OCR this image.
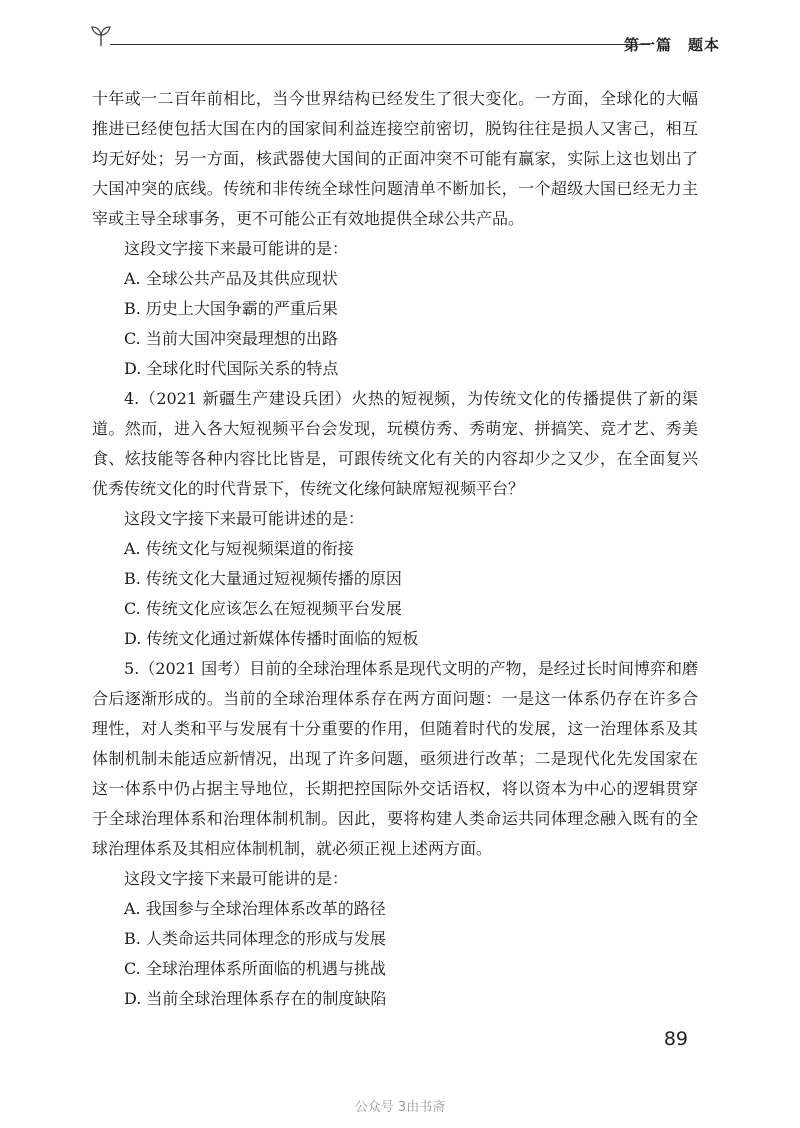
第一篇　题本

十年或一二百年前相比，当今世界结构已经发生了很大变化。一方面，全球化的大幅推进已经使包括大国在内的国家间利益连接空前密切，脱钩往往是损人又害己，相互均无好处；另一方面，核武器使大国间的正面冲突不可能有赢家，实际上这也划出了大国冲突的底线。传统和非传统全球性问题清单不断加长，一个超级大国已经无力主宰或主导全球事务，更不可能公正有效地提供全球公共产品。

这段文字接下来最可能讲的是：

A. 全球公共产品及其供应现状

B. 历史上大国争霸的严重后果

C. 当前大国冲突最理想的出路

D. 全球化时代国际关系的特点

4.（2021 新疆生产建设兵团）火热的短视频，为传统文化的传播提供了新的渠道。然而，进入各大短视频平台会发现，玩模仿秀、秀萌宠、拼搞笑、竞才艺、秀美食、炫技能等各种内容比比皆是，可跟传统文化有关的内容却少之又少，在全面复兴优秀传统文化的时代背景下，传统文化缘何缺席短视频平台？

这段文字接下来最可能讲述的是：

A. 传统文化与短视频渠道的衔接

B. 传统文化大量通过短视频传播的原因

C. 传统文化应该怎么在短视频平台发展

D. 传统文化通过新媒体传播时面临的短板

5.（2021 国考）目前的全球治理体系是现代文明的产物，是经过长时间博弈和磨合后逐渐形成的。当前的全球治理体系存在两方面问题：一是这一体系仍存在许多合理性，对人类和平与发展有十分重要的作用，但随着时代的发展，这一治理体系及其体制机制未能适应新情况，出现了许多问题，亟须进行改革；二是现代化先发国家在这一体系中仍占据主导地位，长期把控国际外交话语权，将以资本为中心的逻辑贯穿于全球治理体系和治理体制机制。因此，要将构建人类命运共同体理念融入既有的全球治理体系及其相应体制机制，就必须正视上述两方面。

这段文字接下来最可能讲的是：

A. 我国参与全球治理体系改革的路径

B. 人类命运共同体理念的形成与发展

C. 全球治理体系所面临的机遇与挑战

D. 当前全球治理体系存在的制度缺陷

89
公众号 3由书斋
